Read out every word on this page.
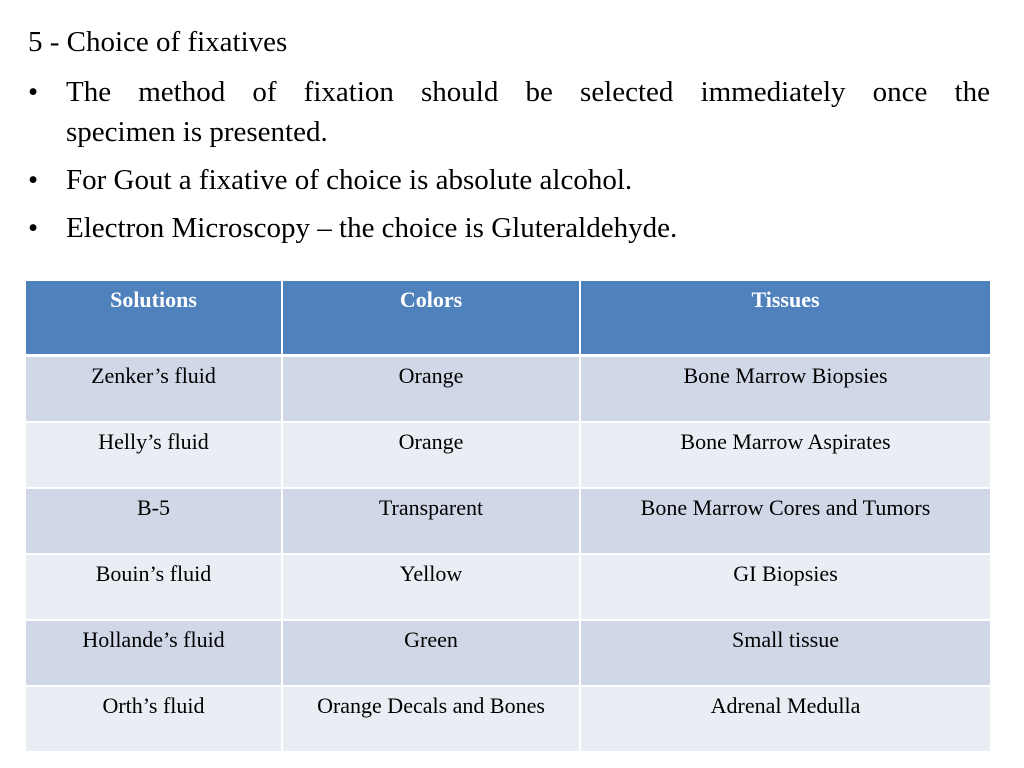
5 - Choice of fixatives
• The method of fixation should be selected immediately once the
specimen is presented.
• For Gout a fixative of choice is absolute alcohol.
• Electron Microscopy – the choice is Gluteraldehyde.
Solutions	Colors	Tissues
Zenker’s fluid	Orange	Bone Marrow Biopsies
Helly’s fluid	Orange	Bone Marrow Aspirates
B-5	Transparent	Bone Marrow Cores and Tumors
Bouin’s fluid	Yellow	GI Biopsies
Hollande’s fluid	Green	Small tissue
Orth’s fluid	Orange Decals and Bones	Adrenal Medulla
